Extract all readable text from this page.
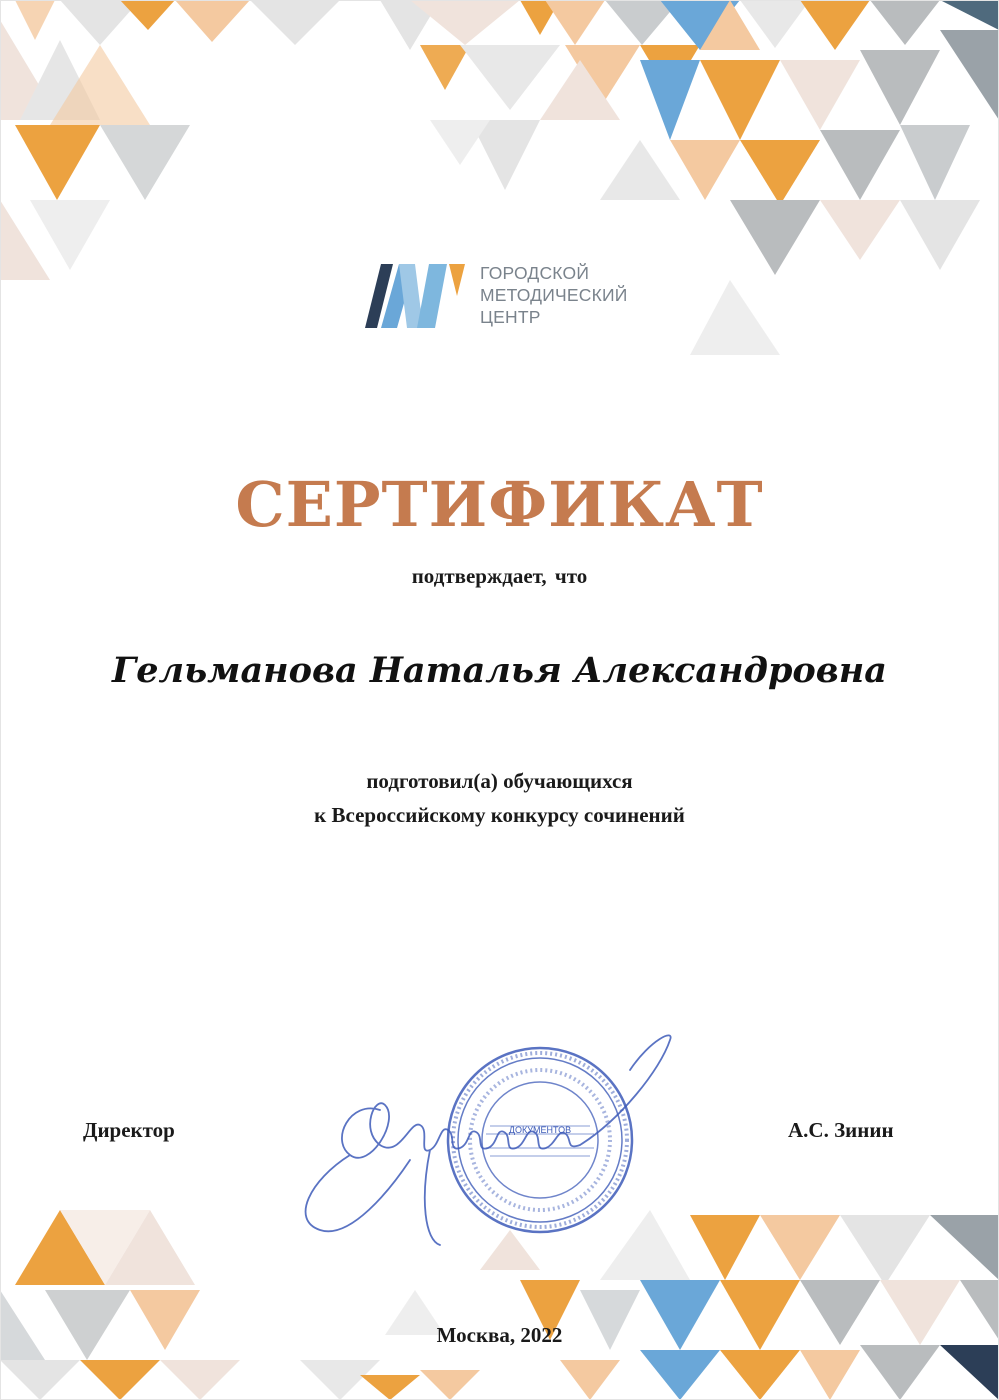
ГОРОДСКОЙ
МЕТОДИЧЕСКИЙ
ЦЕНТР
СЕРТИФИКАТ
подтверждает, что
Гельманова Наталья Александровна
подготовил(а) обучающихся
к Всероссийскому конкурсу сочинений
Директор	А.С. Зинин
ДОКУМЕНТОВ
Москва, 2022
